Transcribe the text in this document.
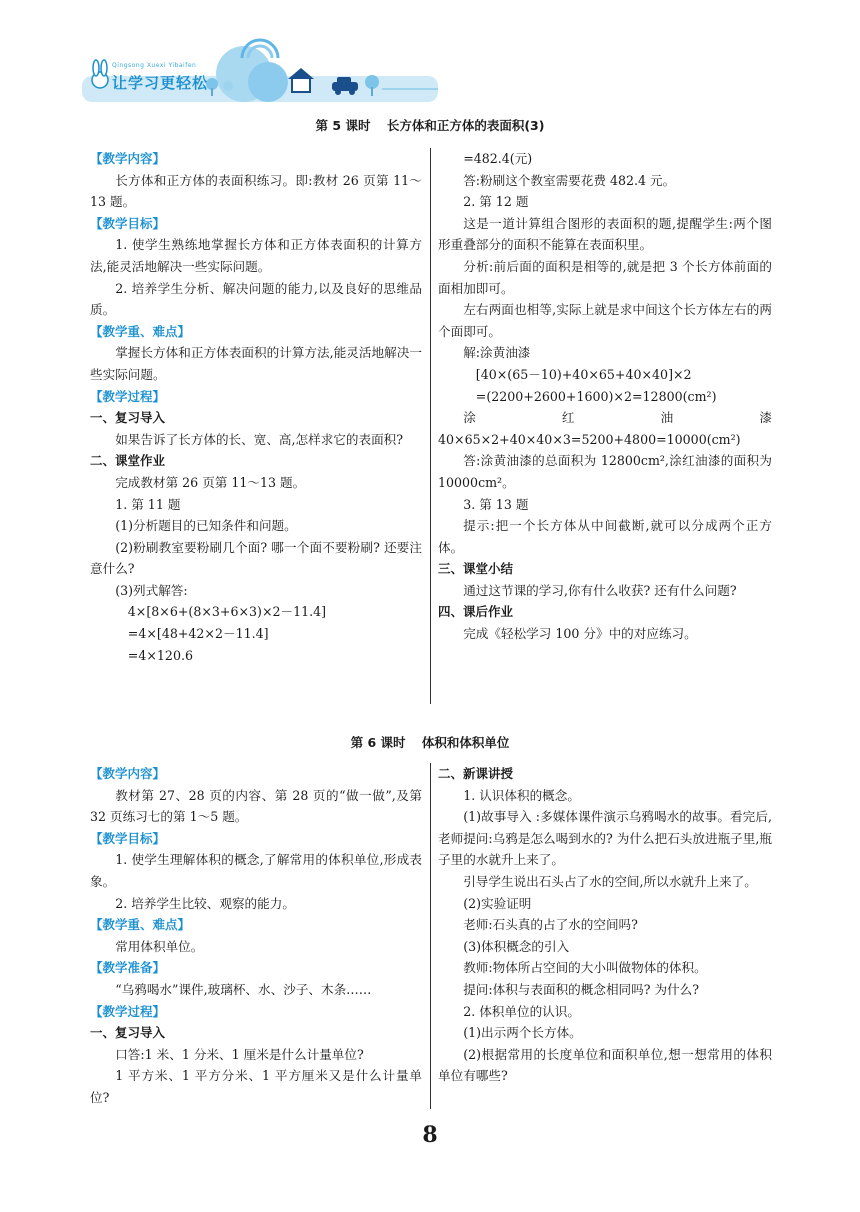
Qingsong Xuexi Yibaifen
让学习更轻松
第 5 课时 长方体和正方体的表面积(3)

【教学内容】

长方体和正方体的表面积练习。即:教材 26 页第 11～13 题。

【教学目标】

1. 使学生熟练地掌握长方体和正方体表面积的计算方法,能灵活地解决一些实际问题。

2. 培养学生分析、解决问题的能力,以及良好的思维品质。

【教学重、难点】

掌握长方体和正方体表面积的计算方法,能灵活地解决一些实际问题。

【教学过程】

一、复习导入

如果告诉了长方体的长、宽、高,怎样求它的表面积?

二、课堂作业

完成教材第 26 页第 11～13 题。

1. 第 11 题

(1)分析题目的已知条件和问题。

(2)粉刷教室要粉刷几个面? 哪一个面不要粉刷? 还要注意什么?

(3)列式解答:

4×[8×6+(8×3+6×3)×2－11.4]

=4×[48+42×2－11.4]

=4×120.6

=482.4(元)

答:粉刷这个教室需要花费 482.4 元。

2. 第 12 题

这是一道计算组合图形的表面积的题,提醒学生:两个图形重叠部分的面积不能算在表面积里。

分析:前后面的面积是相等的,就是把 3 个长方体前面的面相加即可。

左右两面也相等,实际上就是求中间这个长方体左右的两个面即可。

解:涂黄油漆

[40×(65－10)+40×65+40×40]×2

=(2200+2600+1600)×2=12800(cm²)

涂红油漆 40×65×2+40×40×3=5200+4800=10000(cm²)

答:涂黄油漆的总面积为 12800cm²,涂红油漆的面积为 10000cm²。

3. 第 13 题

提示:把一个长方体从中间截断,就可以分成两个正方体。

三、课堂小结

通过这节课的学习,你有什么收获? 还有什么问题?

四、课后作业

完成《轻松学习 100 分》中的对应练习。

第 6 课时 体积和体积单位

【教学内容】

教材第 27、28 页的内容、第 28 页的“做一做”,及第 32 页练习七的第 1～5 题。

【教学目标】

1. 使学生理解体积的概念,了解常用的体积单位,形成表象。

2. 培养学生比较、观察的能力。

【教学重、难点】

常用体积单位。

【教学准备】

“乌鸦喝水”课件,玻璃杯、水、沙子、木条……

【教学过程】

一、复习导入

口答:1 米、1 分米、1 厘米是什么计量单位?

1 平方米、1 平方分米、1 平方厘米又是什么计量单位?

二、新课讲授

1. 认识体积的概念。

(1)故事导入 :多媒体课件演示乌鸦喝水的故事。看完后,老师提问:乌鸦是怎么喝到水的? 为什么把石头放进瓶子里,瓶子里的水就升上来了。

引导学生说出石头占了水的空间,所以水就升上来了。

(2)实验证明

老师:石头真的占了水的空间吗?

(3)体积概念的引入

教师:物体所占空间的大小叫做物体的体积。

提问:体积与表面积的概念相同吗? 为什么?

2. 体积单位的认识。

(1)出示两个长方体。

(2)根据常用的长度单位和面积单位,想一想常用的体积单位有哪些?

8
